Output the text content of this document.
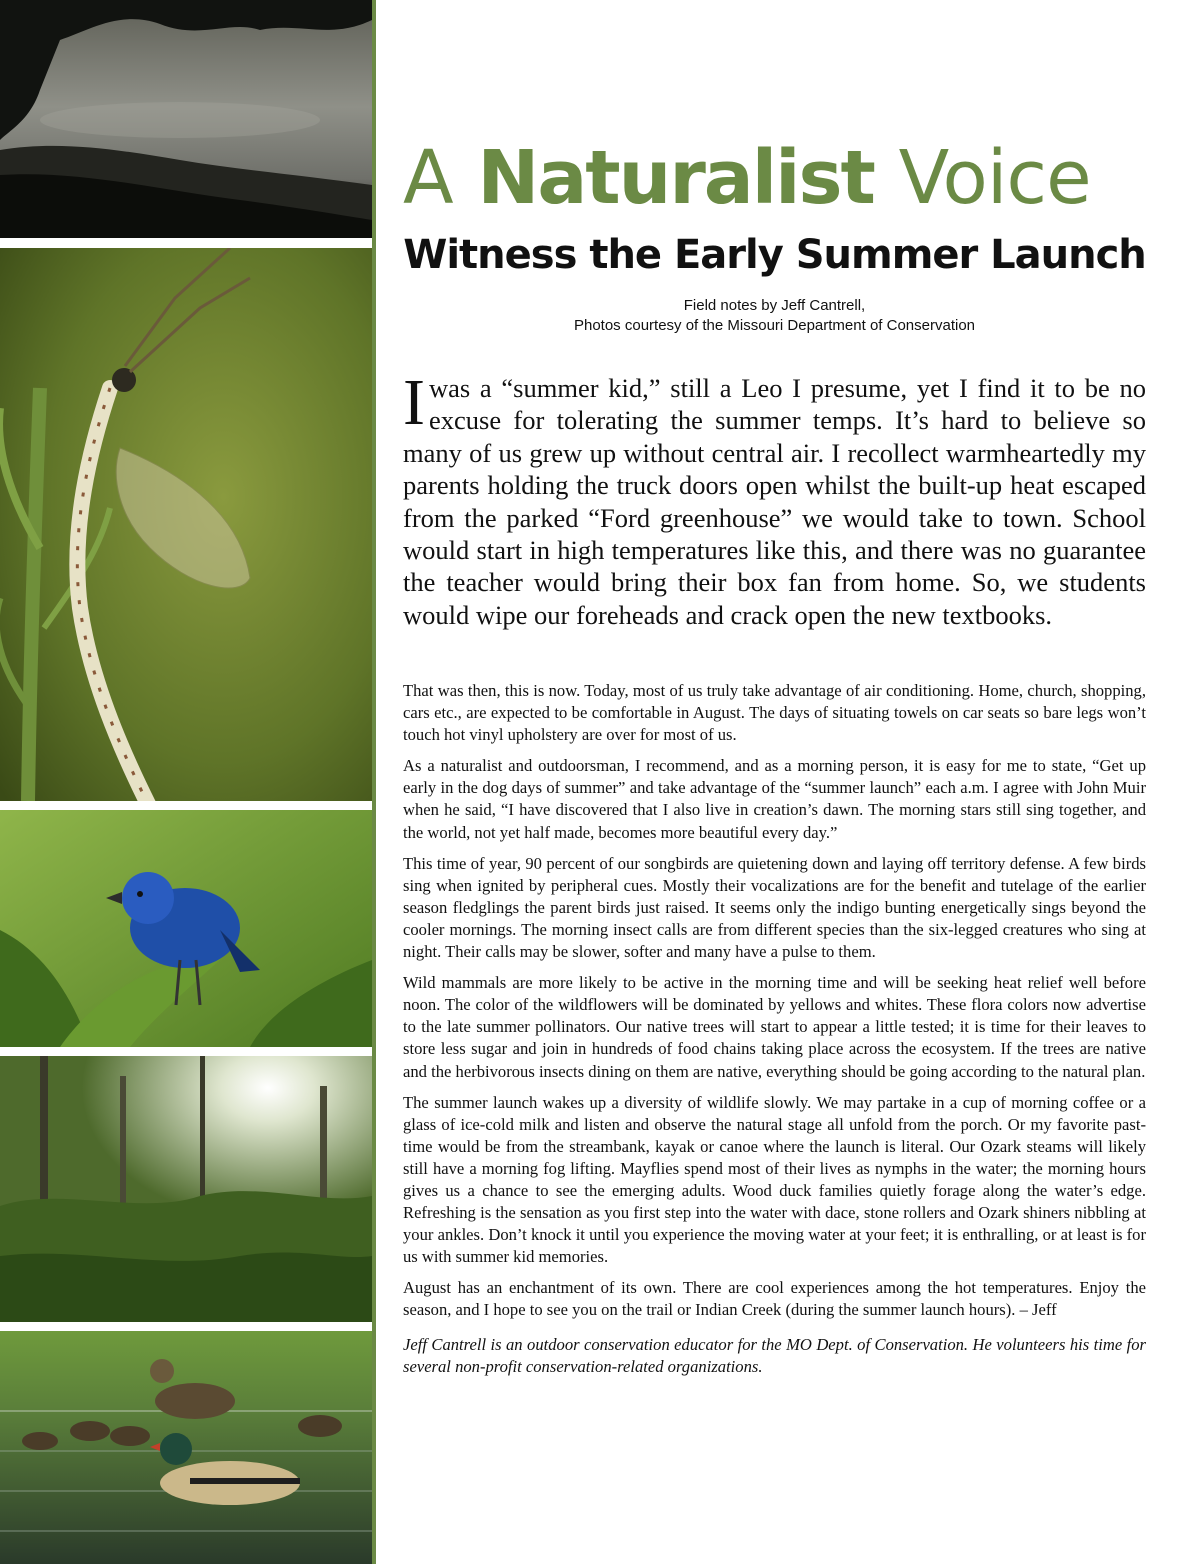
A Naturalist Voice
Witness the Early Summer Launch
Field notes by Jeff Cantrell,
Photos courtesy of the Missouri Department of Conservation

Iwas a “summer kid,” still a Leo I presume, yet I find it to be no excuse for tolerating the summer temps. It’s hard to believe so many of us grew up without central air. I recollect warmheartedly my parents holding the truck doors open whilst the built-up heat escaped from the parked “Ford greenhouse” we would take to town. School would start in high temperatures like this, and there was no guarantee the teacher would bring their box fan from home. So, we students would wipe our foreheads and crack open the new textbooks.

That was then, this is now. Today, most of us truly take advantage of air conditioning. Home, church, shopping, cars etc., are expected to be comfortable in August. The days of situating towels on car seats so bare legs won’t touch hot vinyl upholstery are over for most of us.

As a naturalist and outdoorsman, I recommend, and as a morning person, it is easy for me to state, “Get up early in the dog days of summer” and take advantage of the “summer launch” each a.m. I agree with John Muir when he said, “I have discovered that I also live in creation’s dawn. The morning stars still sing together, and the world, not yet half made, becomes more beautiful every day.”

This time of year, 90 percent of our songbirds are quietening down and laying off territory defense. A few birds sing when ignited by peripheral cues. Mostly their vocalizations are for the benefit and tutelage of the earlier season fledglings the parent birds just raised. It seems only the indigo bunting energetically sings beyond the cooler mornings. The morning insect calls are from different species than the six-legged creatures who sing at night. Their calls may be slower, softer and many have a pulse to them.

Wild mammals are more likely to be active in the morning time and will be seeking heat relief well before noon. The color of the wildflowers will be dominated by yellows and whites. These flora colors now advertise to the late summer pollinators. Our native trees will start to appear a little tested; it is time for their leaves to store less sugar and join in hundreds of food chains taking place across the ecosystem. If the trees are native and the herbivorous insects dining on them are native, everything should be going according to the natural plan.

The summer launch wakes up a diversity of wildlife slowly. We may partake in a cup of morning coffee or a glass of ice-cold milk and listen and observe the natural stage all unfold from the porch. Or my favorite past-time would be from the streambank, kayak or canoe where the launch is literal. Our Ozark steams will likely still have a morning fog lifting. Mayflies spend most of their lives as nymphs in the water; the morning hours gives us a chance to see the emerging adults. Wood duck families quietly forage along the water’s edge. Refreshing is the sensation as you first step into the water with dace, stone rollers and Ozark shiners nibbling at your ankles. Don’t knock it until you experience the moving water at your feet; it is enthralling, or at least is for us with summer kid memories.

August has an enchantment of its own. There are cool experiences among the hot temperatures. Enjoy the season, and I hope to see you on the trail or Indian Creek (during the summer launch hours). – Jeff

Jeff Cantrell is an outdoor conservation educator for the MO Dept. of Conservation. He volunteers his time for several non-profit conservation-related organizations.
